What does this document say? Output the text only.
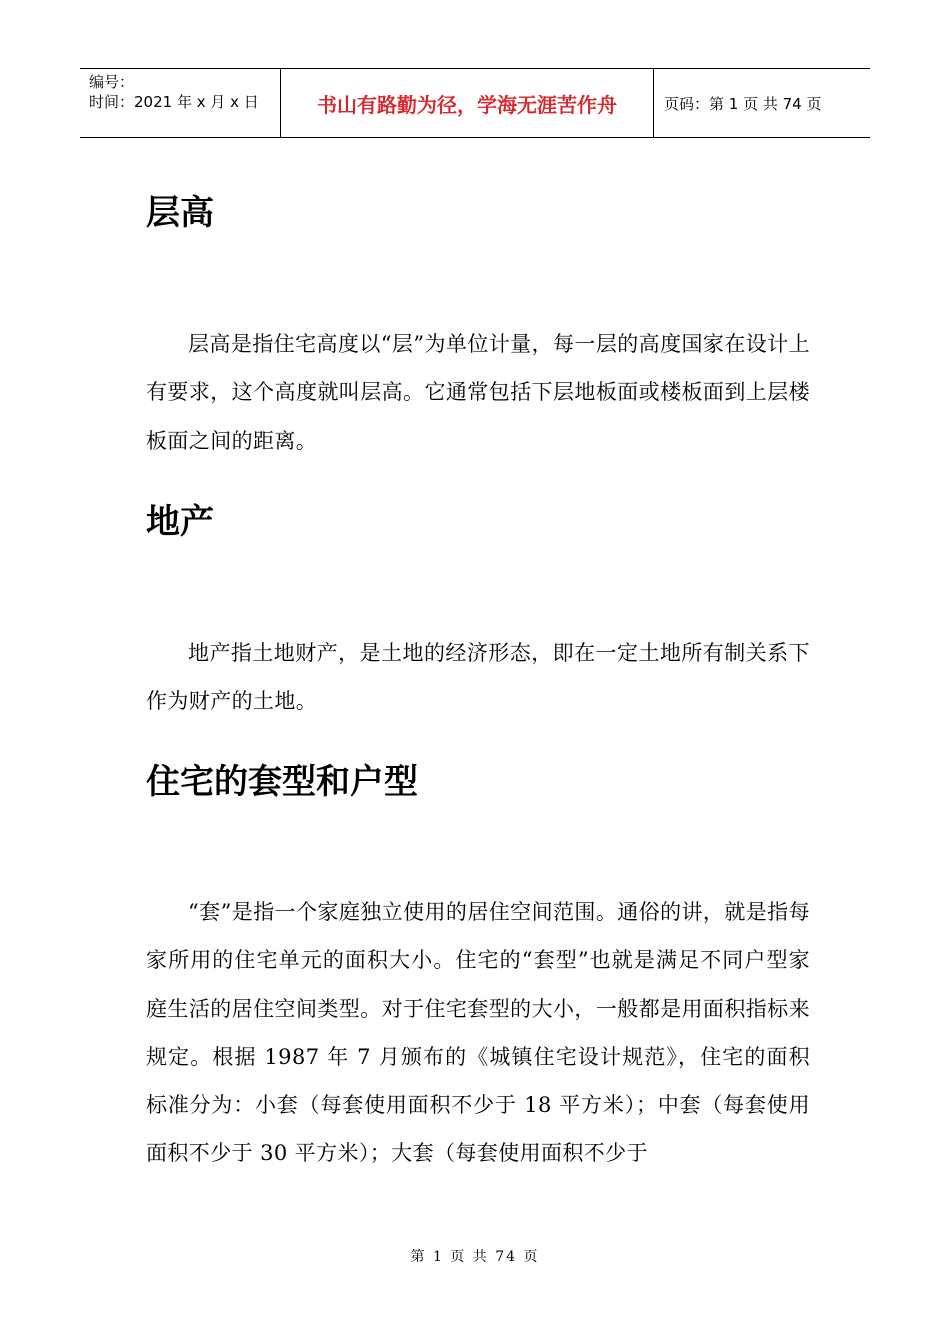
编号：
时间：2021 年 x 月 x 日	书山有路勤为径，学海无涯苦作舟	页码：第 1 页 共 74 页
层高

层高是指住宅高度以“层”为单位计量，每一层的高度国家在设计上有要求，这个高度就叫层高。它通常包括下层地板面或楼板面到上层楼板面之间的距离。

地产

地产指土地财产，是土地的经济形态，即在一定土地所有制关系下作为财产的土地。

住宅的套型和户型

“套”是指一个家庭独立使用的居住空间范围。通俗的讲，就是指每家所用的住宅单元的面积大小。住宅的“套型”也就是满足不同户型家庭生活的居住空间类型。对于住宅套型的大小，一般都是用面积指标来规定。根据 1987 年 7 月颁布的《城镇住宅设计规范》，住宅的面积标准分为：小套（每套使用面积不少于 18 平方米）；中套（每套使用面积不少于 30 平方米）；大套（每套使用面积不少于

第 1 页 共 74 页
